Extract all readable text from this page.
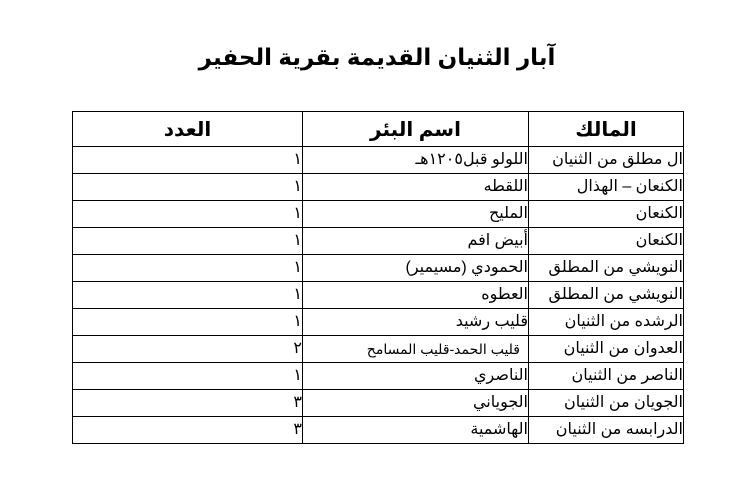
آبار الثنيان القديمة بقرية الحفير
المالك	اسم البئر	العدد
ال مطلق من الثنيان	اللولو قبل١٢٠٥هـ	١
الكنعان – الهذال	اللقطه	١
الكنعان	المليح	١
الكنعان	أبيض افم	١
النويشي من المطلق	الحمودي (مسيمير)	١
النويشي من المطلق	العطوه	١
الرشده من الثنيان	قليب رشيد	١
العدوان من الثنيان	قليب الحمد-قليب المسامح	٢
الناصر من الثنيان	الناصري	١
الجويان من الثنيان	الجوياني	٣
الدرابسه من الثنيان	الهاشمية	٣
